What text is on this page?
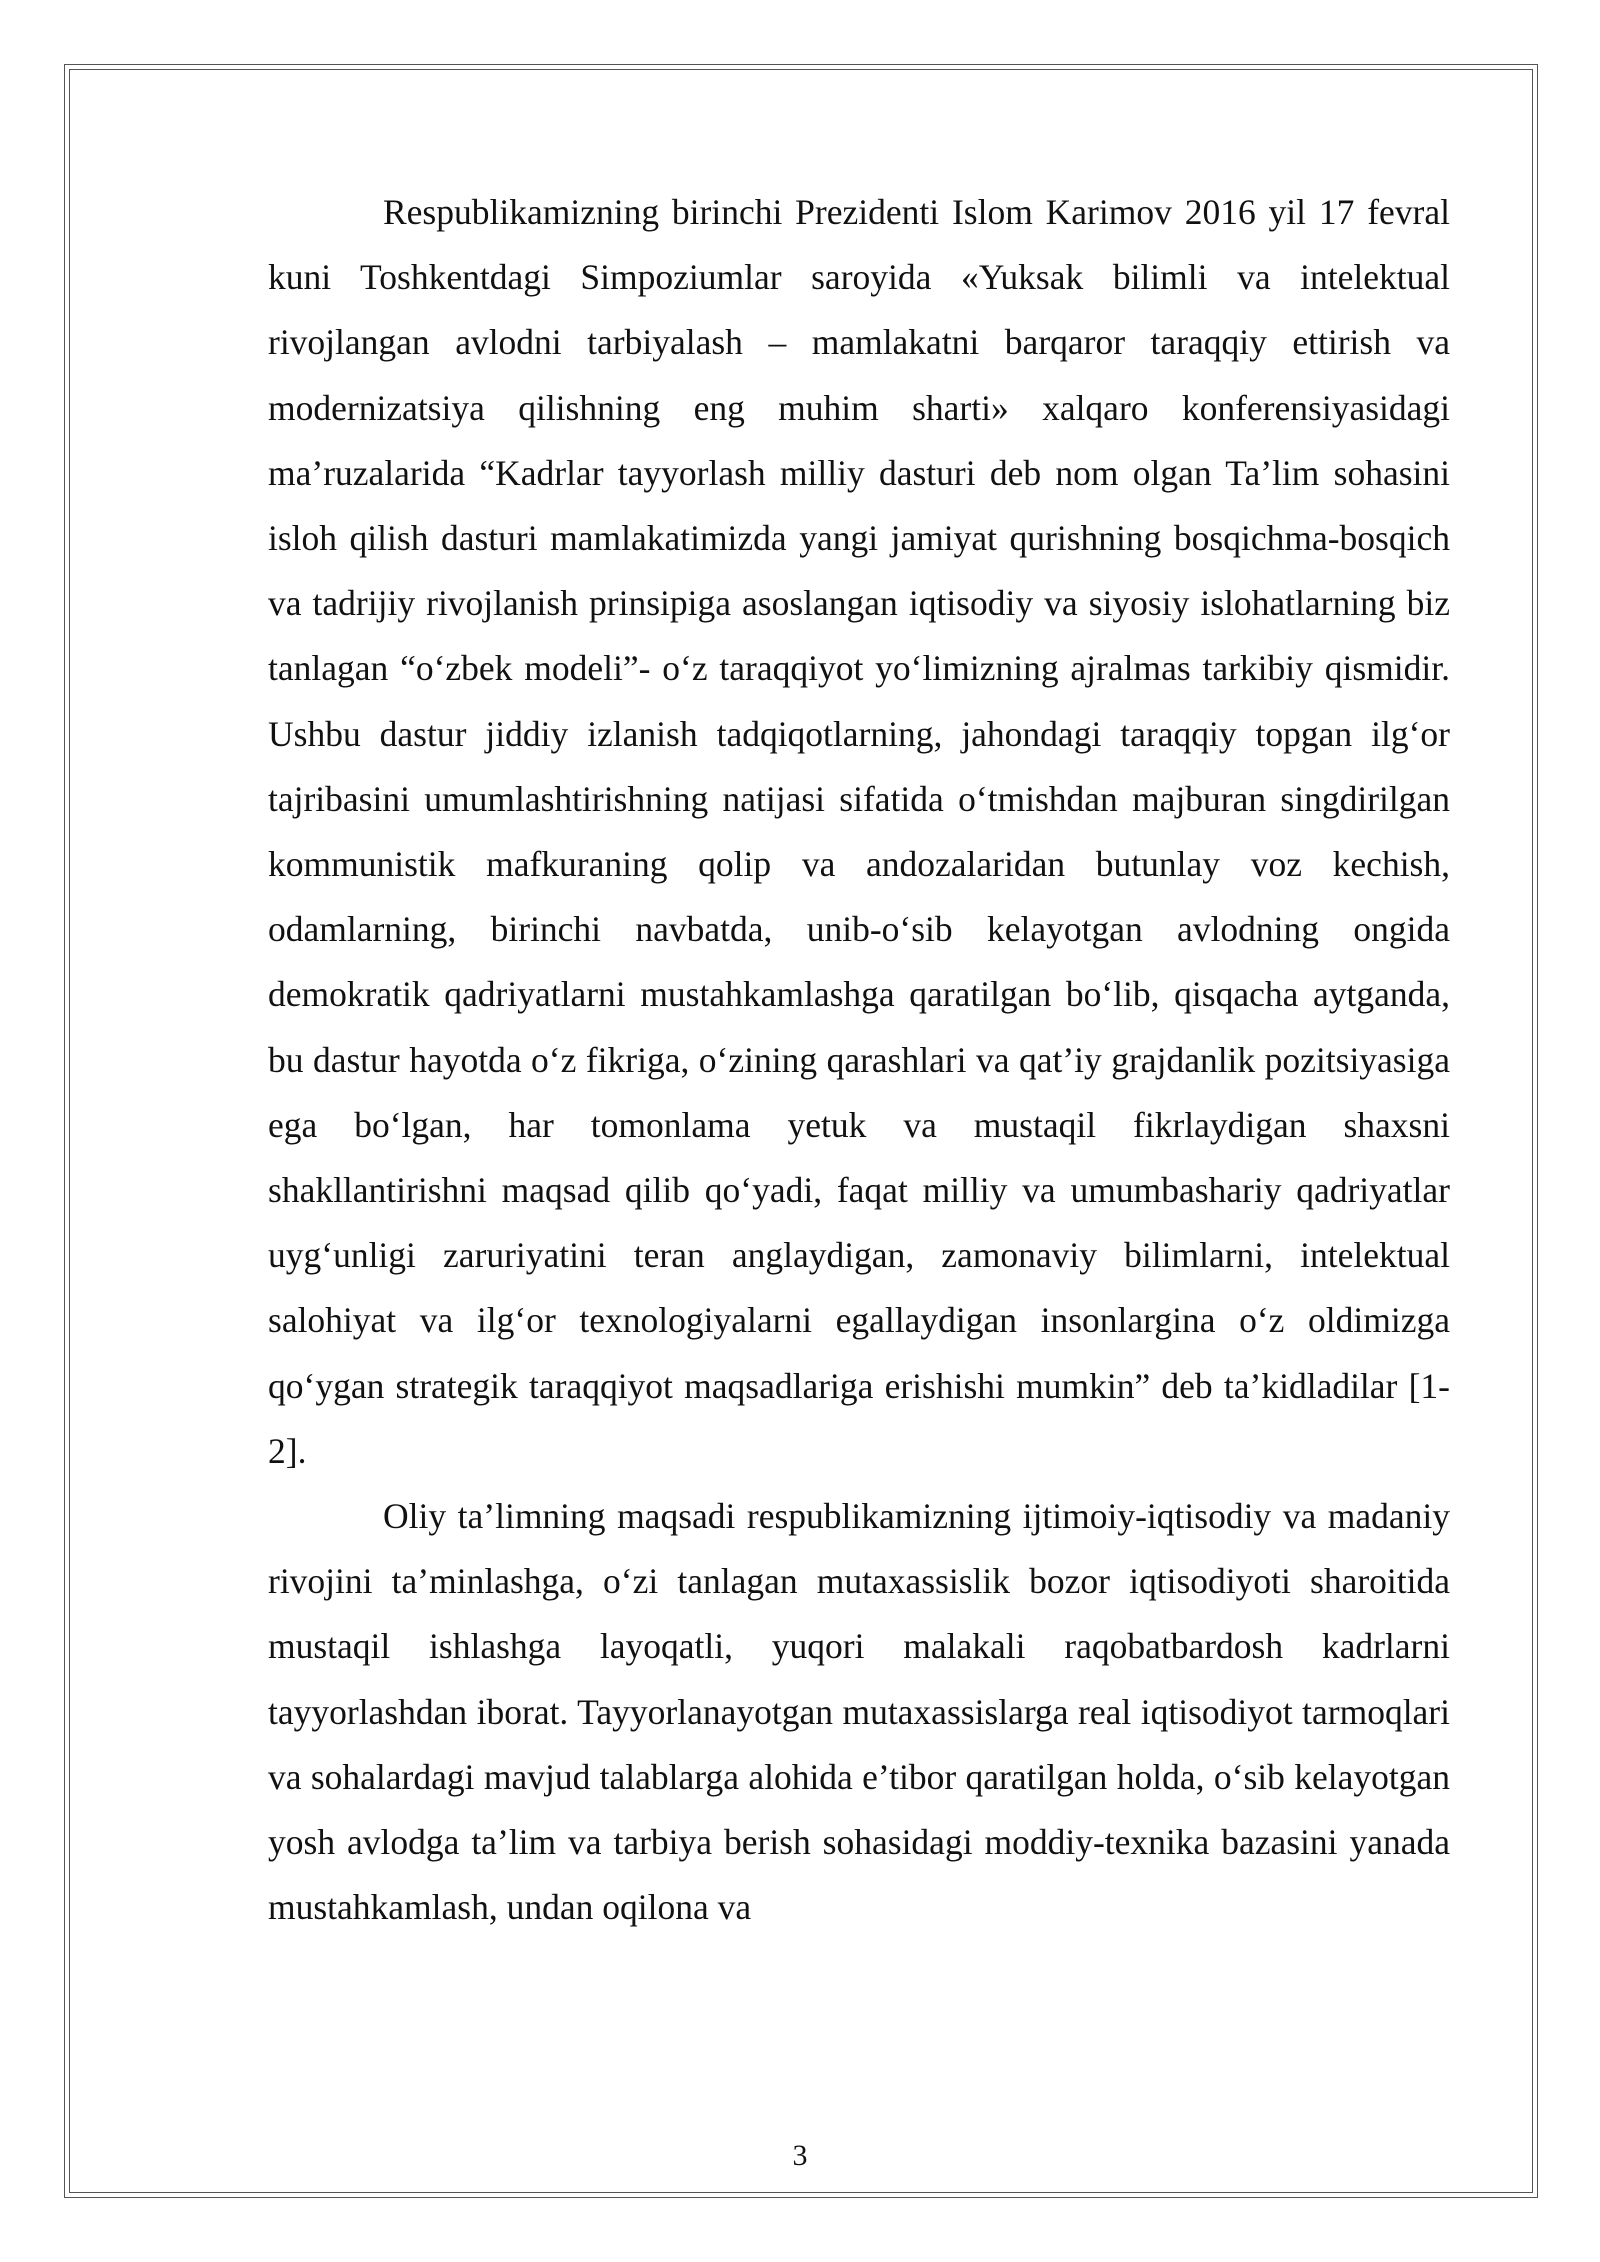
Respublikamizning birinchi Prezidenti Islom Karimov 2016 yil 17 fevral kuni Toshkentdagi Simpoziumlar saroyida «Yuksak bilimli va intelektual rivojlangan avlodni tarbiyalash – mamlakatni barqaror taraqqiy ettirish va modernizatsiya qilishning eng muhim sharti» xalqaro konferensiyasidagi ma’ruzalarida “Kadrlar tayyorlash milliy dasturi deb nom olgan Ta’lim sohasini isloh qilish dasturi mamlakatimizda yangi jamiyat qurishning bosqichma-bosqich va tadrijiy rivojlanish prinsipiga asoslangan iqtisodiy va siyosiy islohatlarning biz tanlagan “o‘zbek modeli”- o‘z taraqqiyot yo‘limizning ajralmas tarkibiy qismidir. Ushbu dastur jiddiy izlanish tadqiqotlarning, jahondagi taraqqiy topgan ilg‘or tajribasini umumlashtirishning natijasi sifatida o‘tmishdan majburan singdirilgan kommunistik mafkuraning qolip va andozalaridan butunlay voz kechish, odamlarning, birinchi navbatda, unib-o‘sib kelayotgan avlodning ongida demokratik qadriyatlarni mustahkamlashga qaratilgan bo‘lib, qisqacha aytganda, bu dastur hayotda o‘z fikriga, o‘zining qarashlari va qat’iy grajdanlik pozitsiyasiga ega bo‘lgan, har tomonlama yetuk va mustaqil fikrlaydigan shaxsni shakllantirishni maqsad qilib qo‘yadi, faqat milliy va umumbashariy qadriyatlar uyg‘unligi zaruriyatini teran anglaydigan, zamonaviy bilimlarni, intelektual salohiyat va ilg‘or texnologiyalarni egallaydigan insonlargina o‘z oldimizga qo‘ygan strategik taraqqiyot maqsadlariga erishishi mumkin” deb ta’kidladilar [1-2].

Oliy ta’limning maqsadi respublikamizning ijtimoiy-iqtisodiy va madaniy rivojini ta’minlashga, o‘zi tanlagan mutaxassislik bozor iqtisodiyoti sharoitida mustaqil ishlashga layoqatli, yuqori malakali raqobatbardosh kadrlarni tayyorlashdan iborat. Tayyorlanayotgan mutaxassislarga real iqtisodiyot tarmoqlari va sohalardagi mavjud talablarga alohida e’tibor qaratilgan holda, o‘sib kelayotgan yosh avlodga ta’lim va tarbiya berish sohasidagi moddiy-texnika bazasini yanada mustahkamlash, undan oqilona va

3
